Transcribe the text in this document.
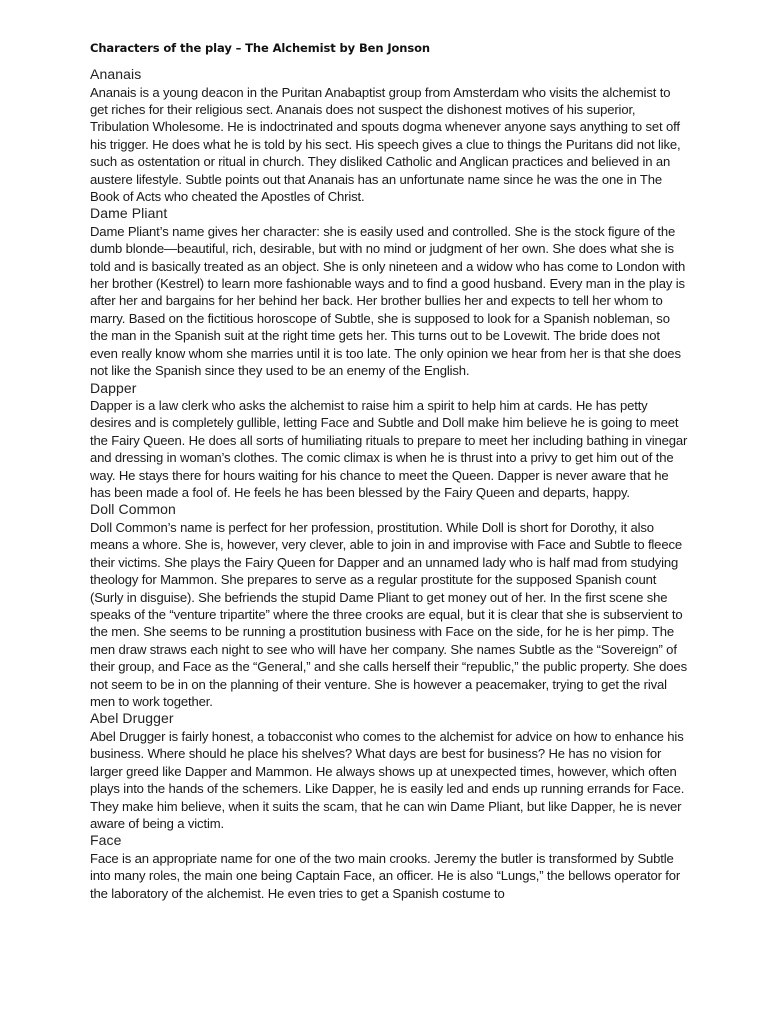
Characters of the play – The Alchemist by Ben Jonson
Ananais
Ananais is a young deacon in the Puritan Anabaptist group from Amsterdam who visits the alchemist to get riches for their religious sect. Ananais does not suspect the dishonest motives of his superior, Tribulation Wholesome. He is indoctrinated and spouts dogma whenever anyone says anything to set off his trigger. He does what he is told by his sect. His speech gives a clue to things the Puritans did not like, such as ostentation or ritual in church. They disliked Catholic and Anglican practices and believed in an austere lifestyle. Subtle points out that Ananais has an unfortunate name since he was the one in The Book of Acts who cheated the Apostles of Christ.
Dame Pliant
Dame Pliant’s name gives her character: she is easily used and controlled. She is the stock figure of the dumb blonde—beautiful, rich, desirable, but with no mind or judgment of her own. She does what she is told and is basically treated as an object. She is only nineteen and a widow who has come to London with her brother (Kestrel) to learn more fashionable ways and to find a good husband. Every man in the play is after her and bargains for her behind her back. Her brother bullies her and expects to tell her whom to marry. Based on the fictitious horoscope of Subtle, she is supposed to look for a Spanish nobleman, so the man in the Spanish suit at the right time gets her. This turns out to be Lovewit. The bride does not even really know whom she marries until it is too late. The only opinion we hear from her is that she does not like the Spanish since they used to be an enemy of the English.
Dapper
Dapper is a law clerk who asks the alchemist to raise him a spirit to help him at cards. He has petty desires and is completely gullible, letting Face and Subtle and Doll make him believe he is going to meet the Fairy Queen. He does all sorts of humiliating rituals to prepare to meet her including bathing in vinegar and dressing in woman’s clothes. The comic climax is when he is thrust into a privy to get him out of the way. He stays there for hours waiting for his chance to meet the Queen. Dapper is never aware that he has been made a fool of. He feels he has been blessed by the Fairy Queen and departs, happy.
Doll Common
Doll Common’s name is perfect for her profession, prostitution. While Doll is short for Dorothy, it also means a whore. She is, however, very clever, able to join in and improvise with Face and Subtle to fleece their victims. She plays the Fairy Queen for Dapper and an unnamed lady who is half mad from studying theology for Mammon. She prepares to serve as a regular prostitute for the supposed Spanish count (Surly in disguise). She befriends the stupid Dame Pliant to get money out of her. In the first scene she speaks of the “venture tripartite” where the three crooks are equal, but it is clear that she is subservient to the men. She seems to be running a prostitution business with Face on the side, for he is her pimp. The men draw straws each night to see who will have her company. She names Subtle as the “Sovereign” of their group, and Face as the “General,” and she calls herself their “republic,” the public property. She does not seem to be in on the planning of their venture. She is however a peacemaker, trying to get the rival men to work together.
Abel Drugger
Abel Drugger is fairly honest, a tobacconist who comes to the alchemist for advice on how to enhance his business. Where should he place his shelves? What days are best for business? He has no vision for larger greed like Dapper and Mammon. He always shows up at unexpected times, however, which often plays into the hands of the schemers. Like Dapper, he is easily led and ends up running errands for Face. They make him believe, when it suits the scam, that he can win Dame Pliant, but like Dapper, he is never aware of being a victim.
Face
Face is an appropriate name for one of the two main crooks. Jeremy the butler is transformed by Subtle into many roles, the main one being Captain Face, an officer. He is also “Lungs,” the bellows operator for the laboratory of the alchemist. He even tries to get a Spanish costume to
